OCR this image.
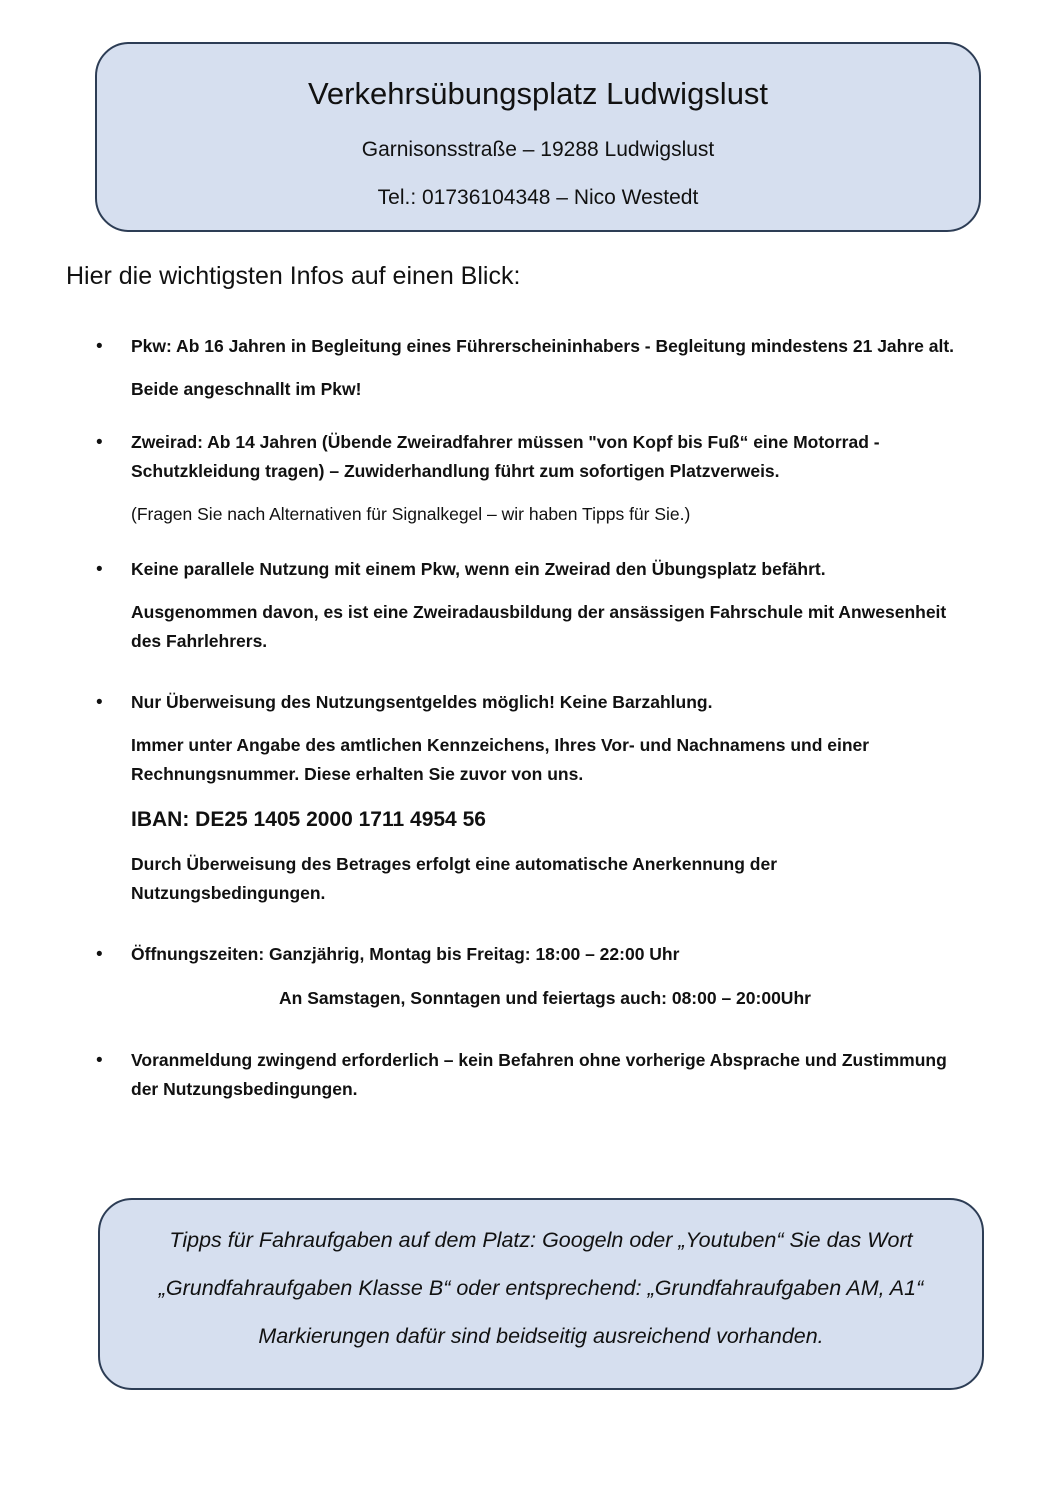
Verkehrsübungsplatz Ludwigslust
Garnisonsstraße – 19288 Ludwigslust
Tel.: 01736104348 – Nico Westedt
Hier die wichtigsten Infos auf einen Blick:
• Pkw: Ab 16 Jahren in Begleitung eines Führerscheininhabers - Begleitung mindestens 21 Jahre alt.

Beide angeschnallt im Pkw!

• Zweirad: Ab 14 Jahren (Übende Zweiradfahrer müssen "von Kopf bis Fuß“ eine Motorrad -

Schutzkleidung tragen) – Zuwiderhandlung führt zum sofortigen Platzverweis.

(Fragen Sie nach Alternativen für Signalkegel – wir haben Tipps für Sie.)

• Keine parallele Nutzung mit einem Pkw, wenn ein Zweirad den Übungsplatz befährt.

Ausgenommen davon, es ist eine Zweiradausbildung der ansässigen Fahrschule mit Anwesenheit

des Fahrlehrers.

• Nur Überweisung des Nutzungsentgeldes möglich! Keine Barzahlung.

Immer unter Angabe des amtlichen Kennzeichens, Ihres Vor- und Nachnamens und einer

Rechnungsnummer. Diese erhalten Sie zuvor von uns.

IBAN: DE25 1405 2000 1711 4954 56

Durch Überweisung des Betrages erfolgt eine automatische Anerkennung der

Nutzungsbedingungen.

• Öffnungszeiten: Ganzjährig, Montag bis Freitag: 18:00 – 22:00 Uhr

An Samstagen, Sonntagen und feiertags auch: 08:00 – 20:00Uhr

• Voranmeldung zwingend erforderlich – kein Befahren ohne vorherige Absprache und Zustimmung

der Nutzungsbedingungen.

Tipps für Fahraufgaben auf dem Platz: Googeln oder „Youtuben“ Sie das Wort

„Grundfahraufgaben Klasse B“ oder entsprechend: „Grundfahraufgaben AM, A1“

Markierungen dafür sind beidseitig ausreichend vorhanden.
